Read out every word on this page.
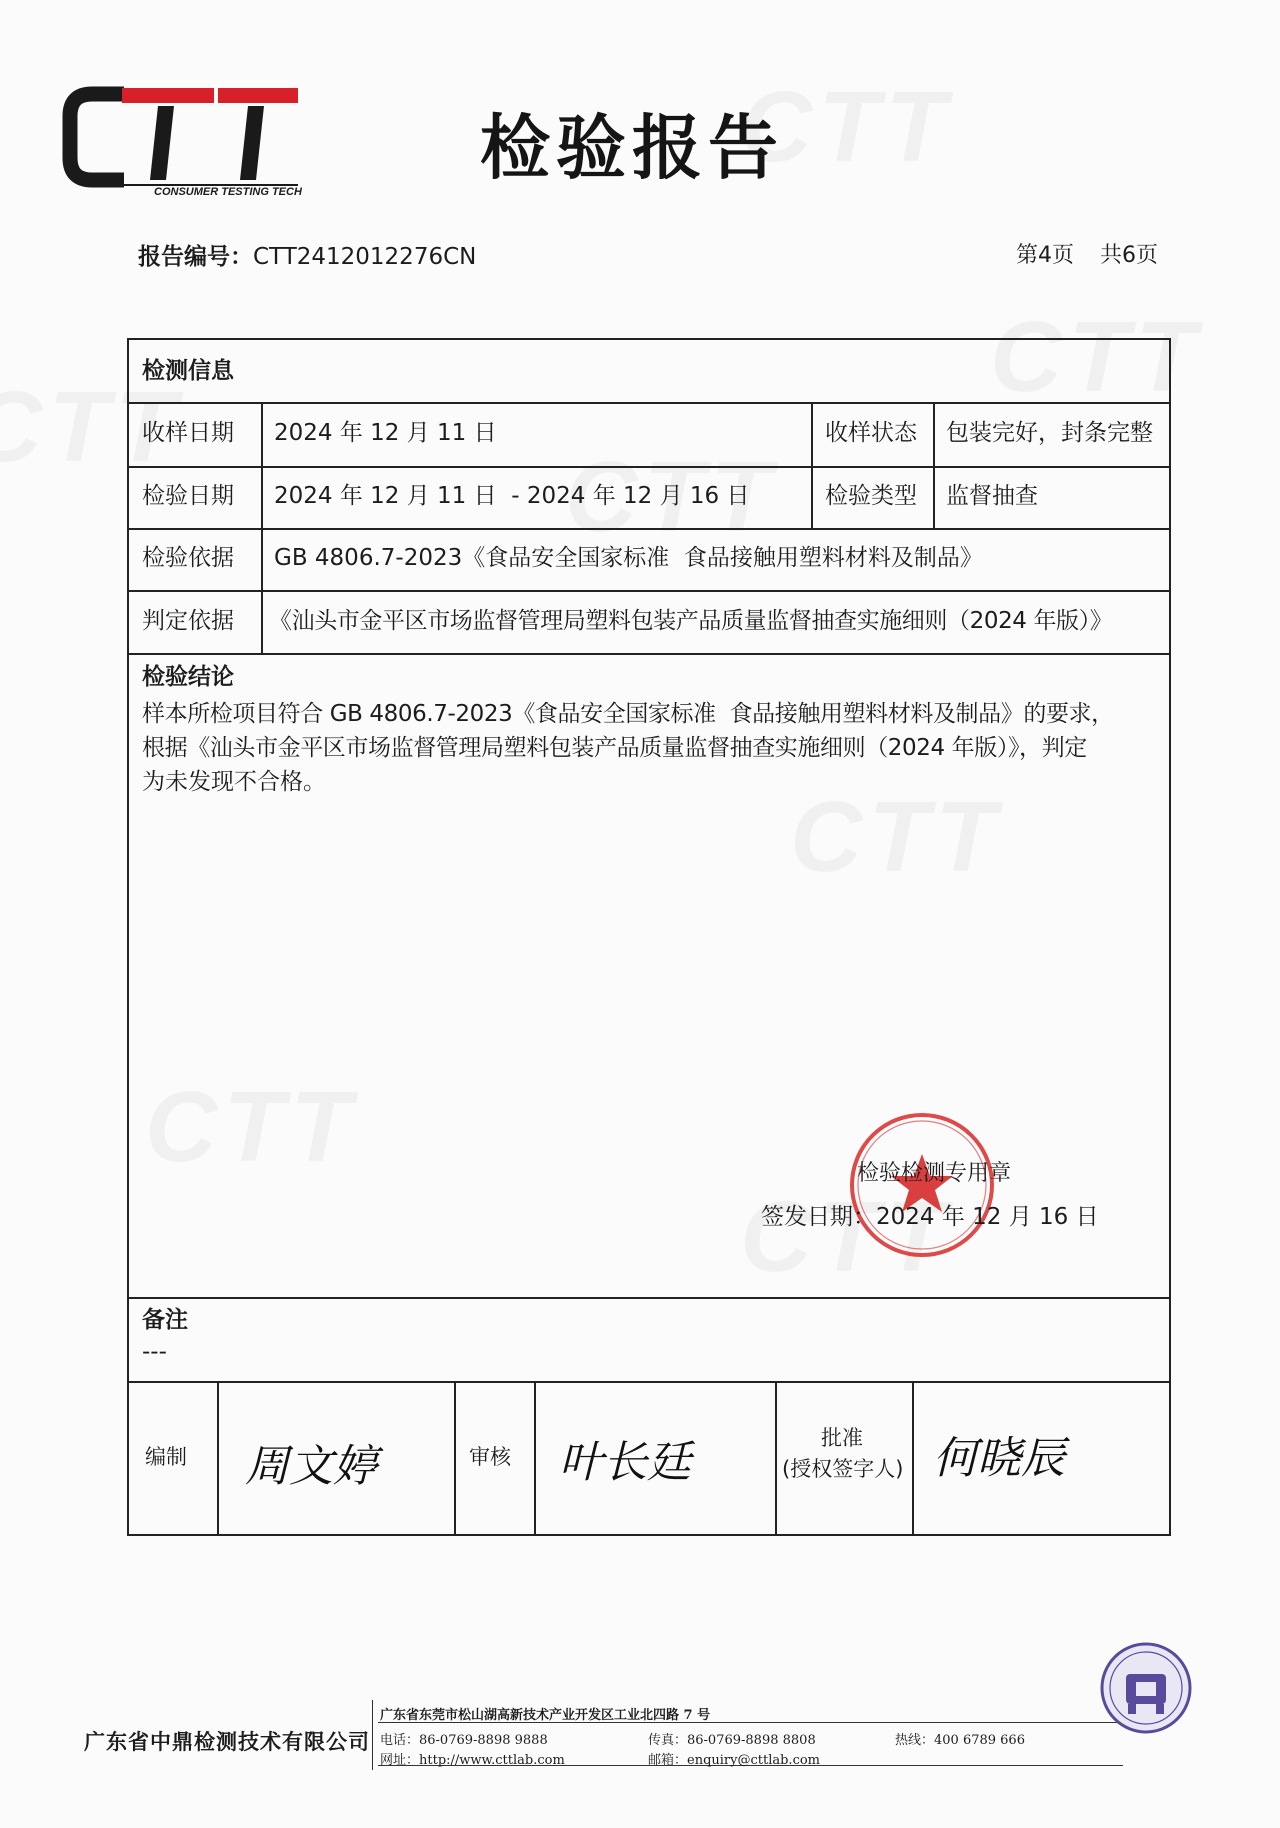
CONSUMER TESTING TECH
检验报告
报告编号：CTT2412012276CN	第4页 共6页
检测信息
收样日期 2024 年 12 月 11 日	收样状态 包装完好，封条完整
检验日期 2024 年 12 月 11 日  - 2024 年 12 月 16 日	检验类型 监督抽查
检验依据 GB 4806.7-2023《食品安全国家标准  食品接触用塑料材料及制品》
判定依据 《汕头市金平区市场监督管理局塑料包装产品质量监督抽查实施细则（2024 年版）》
检验结论
样本所检项目符合 GB 4806.7-2023《食品安全国家标准  食品接触用塑料材料及制品》的要求，
根据《汕头市金平区市场监督管理局塑料包装产品质量监督抽查实施细则（2024 年版）》，判定
为未发现不合格。
检验检测专用章
签发日期：2024 年 12 月 16 日
备注
---
编制 周文婷	审核 叶长廷	批准
(授权签字人) 何晓辰
广东省中鼎检测技术有限公司
广东省东莞市松山湖高新技术产业开发区工业北四路 7 号
电话：86-0769-8898 9888	传真：86-0769-8898 8808	热线：400 6789 666
网址：http://www.cttlab.com	邮箱：enquiry@cttlab.com
